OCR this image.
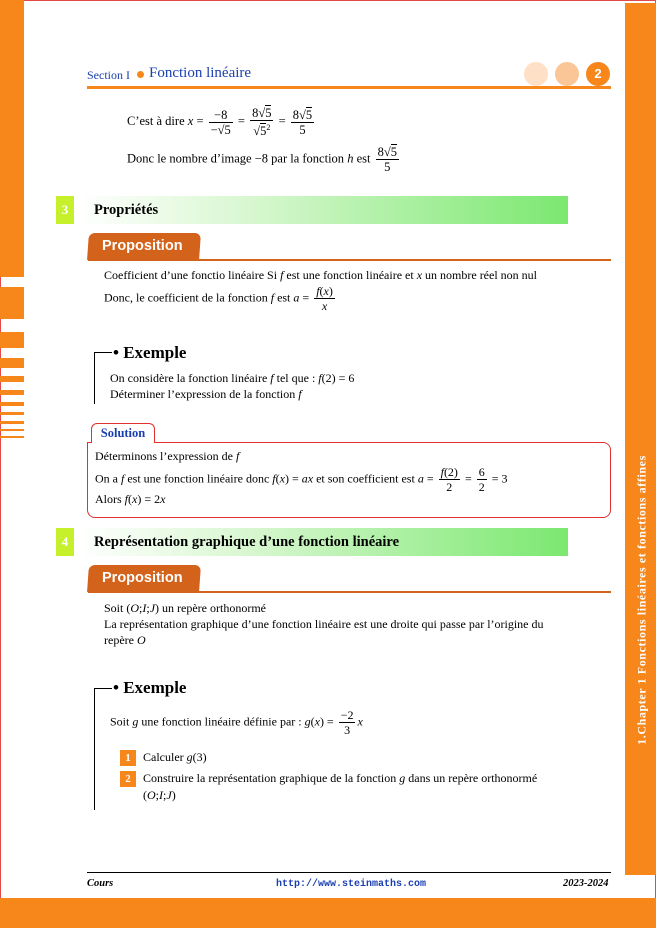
1.Chapter 1 Fonctions linéaires et fonctions affines
Section I Fonction linéaire	2
C’est à dire $x = \frac{-8}{-√5} = \frac{8√5}{√5^2} = \frac{8√5}{5}$
Donc le nombre d’image −8 par la fonction h est $\frac{8√5}{5}$
3	Propriétés
Proposition
Coefficient d’une fonctio linéaire Si f est une fonction linéaire et x un nombre réel non nul
Donc, le coefficient de la fonction f est $a = \frac{f(x)}{x}$
• Exemple
On considère la fonction linéaire f tel que : f(2) = 6
Déterminer l’expression de la fonction f
Solution
Déterminons l’expression de f
On a f est une fonction linéaire donc f(x) = ax et son coefficient est $a = \frac{f(2)}{2} = \frac{6}{2} = 3$
Alors f(x) = 2x
4	Représentation graphique d’une fonction linéaire
Proposition
Soit (O;I;J) un repère orthonormé
La représentation graphique d’une fonction linéaire est une droite qui passe par l’origine du
repère O
• Exemple
Soit g une fonction linéaire définie par : $g(x) = \frac{-2}{3}$ x
1 Calculer g(3)
2 Construire la représentation graphique de la fonction g dans un repère orthonormé
(O;I;J)
Cours	http://www.steinmaths.com	2023-2024
